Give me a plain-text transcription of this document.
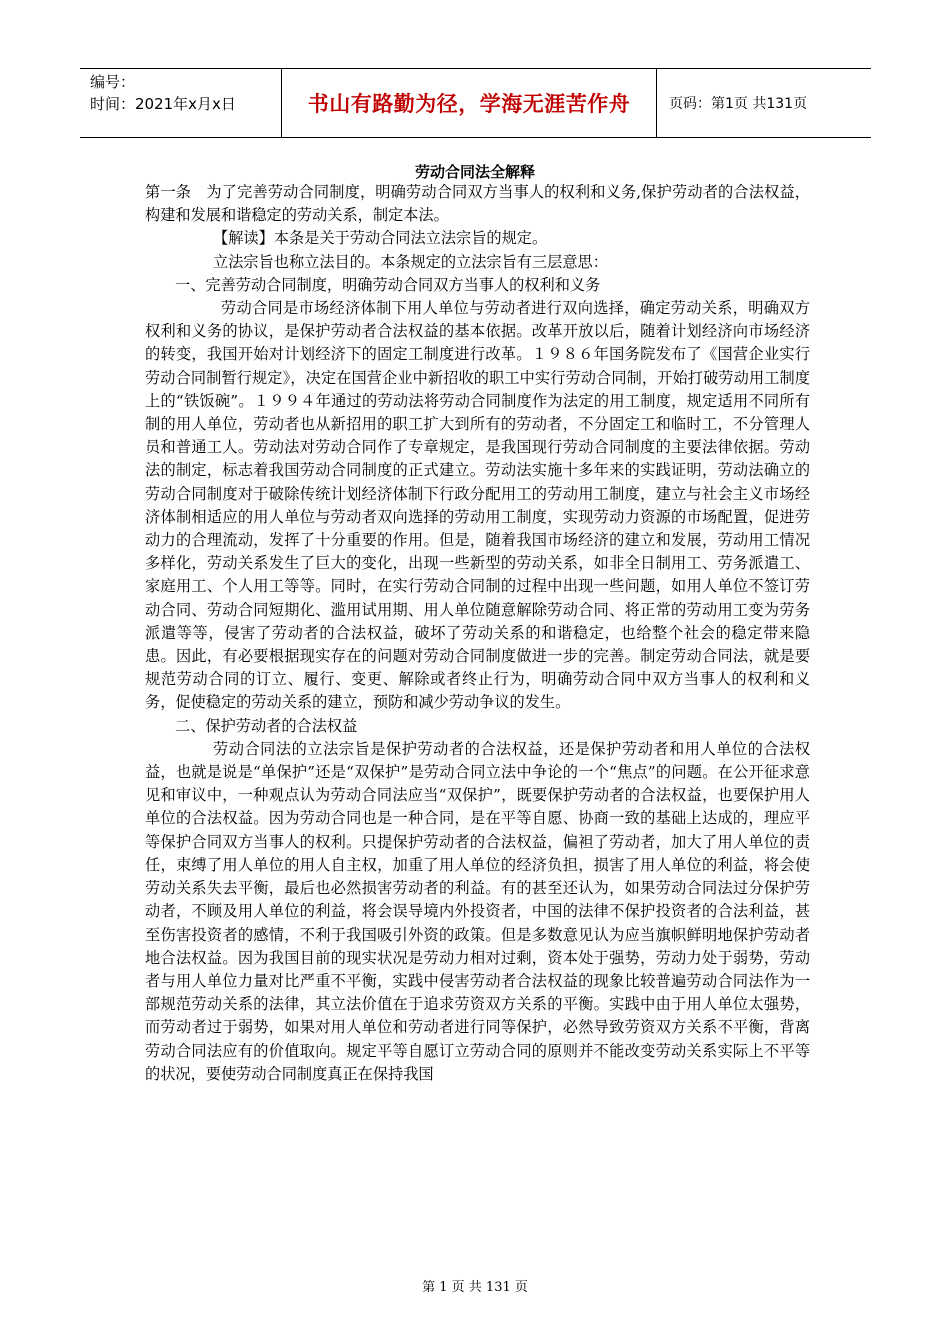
编号：
时间：2021年x月x日	书山有路勤为径，学海无涯苦作舟	页码：第1页 共131页
劳动合同法全解释

第一条　为了完善劳动合同制度，明确劳动合同双方当事人的权利和义务,保护劳动者的合法权益，构建和发展和谐稳定的劳动关系，制定本法。

【解读】本条是关于劳动合同法立法宗旨的规定。

立法宗旨也称立法目的。本条规定的立法宗旨有三层意思：

一、完善劳动合同制度，明确劳动合同双方当事人的权利和义务

劳动合同是市场经济体制下用人单位与劳动者进行双向选择，确定劳动关系，明确双方权利和义务的协议，是保护劳动者合法权益的基本依据。改革开放以后，随着计划经济向市场经济的转变，我国开始对计划经济下的固定工制度进行改革。１９８６年国务院发布了《国营企业实行劳动合同制暂行规定》，决定在国营企业中新招收的职工中实行劳动合同制，开始打破劳动用工制度上的“铁饭碗”。１９９４年通过的劳动法将劳动合同制度作为法定的用工制度，规定适用不同所有制的用人单位，劳动者也从新招用的职工扩大到所有的劳动者，不分固定工和临时工，不分管理人员和普通工人。劳动法对劳动合同作了专章规定，是我国现行劳动合同制度的主要法律依据。劳动法的制定，标志着我国劳动合同制度的正式建立。劳动法实施十多年来的实践证明，劳动法确立的劳动合同制度对于破除传统计划经济体制下行政分配用工的劳动用工制度，建立与社会主义市场经济体制相适应的用人单位与劳动者双向选择的劳动用工制度，实现劳动力资源的市场配置，促进劳动力的合理流动，发挥了十分重要的作用。但是，随着我国市场经济的建立和发展，劳动用工情况多样化，劳动关系发生了巨大的变化，出现一些新型的劳动关系，如非全日制用工、劳务派遣工、家庭用工、个人用工等等。同时，在实行劳动合同制的过程中出现一些问题，如用人单位不签订劳动合同、劳动合同短期化、滥用试用期、用人单位随意解除劳动合同、将正常的劳动用工变为劳务派遣等等，侵害了劳动者的合法权益，破坏了劳动关系的和谐稳定，也给整个社会的稳定带来隐患。因此，有必要根据现实存在的问题对劳动合同制度做进一步的完善。制定劳动合同法，就是要规范劳动合同的订立、履行、变更、解除或者终止行为，明确劳动合同中双方当事人的权利和义务，促使稳定的劳动关系的建立，预防和减少劳动争议的发生。

二、保护劳动者的合法权益

劳动合同法的立法宗旨是保护劳动者的合法权益，还是保护劳动者和用人单位的合法权益，也就是说是“单保护”还是“双保护”是劳动合同立法中争论的一个“焦点”的问题。在公开征求意见和审议中，一种观点认为劳动合同法应当“双保护”，既要保护劳动者的合法权益，也要保护用人单位的合法权益。因为劳动合同也是一种合同，是在平等自愿、协商一致的基础上达成的，理应平等保护合同双方当事人的权利。只提保护劳动者的合法权益，偏袒了劳动者，加大了用人单位的责任，束缚了用人单位的用人自主权，加重了用人单位的经济负担，损害了用人单位的利益，将会使劳动关系失去平衡，最后也必然损害劳动者的利益。有的甚至还认为，如果劳动合同法过分保护劳动者，不顾及用人单位的利益，将会误导境内外投资者，中国的法律不保护投资者的合法利益，甚至伤害投资者的感情，不利于我国吸引外资的政策。但是多数意见认为应当旗帜鲜明地保护劳动者地合法权益。因为我国目前的现实状况是劳动力相对过剩，资本处于强势，劳动力处于弱势，劳动者与用人单位力量对比严重不平衡，实践中侵害劳动者合法权益的现象比较普遍劳动合同法作为一部规范劳动关系的法律，其立法价值在于追求劳资双方关系的平衡。实践中由于用人单位太强势，而劳动者过于弱势，如果对用人单位和劳动者进行同等保护，必然导致劳资双方关系不平衡，背离劳动合同法应有的价值取向。规定平等自愿订立劳动合同的原则并不能改变劳动关系实际上不平等的状况，要使劳动合同制度真正在保持我国

第 1 页 共 131 页
